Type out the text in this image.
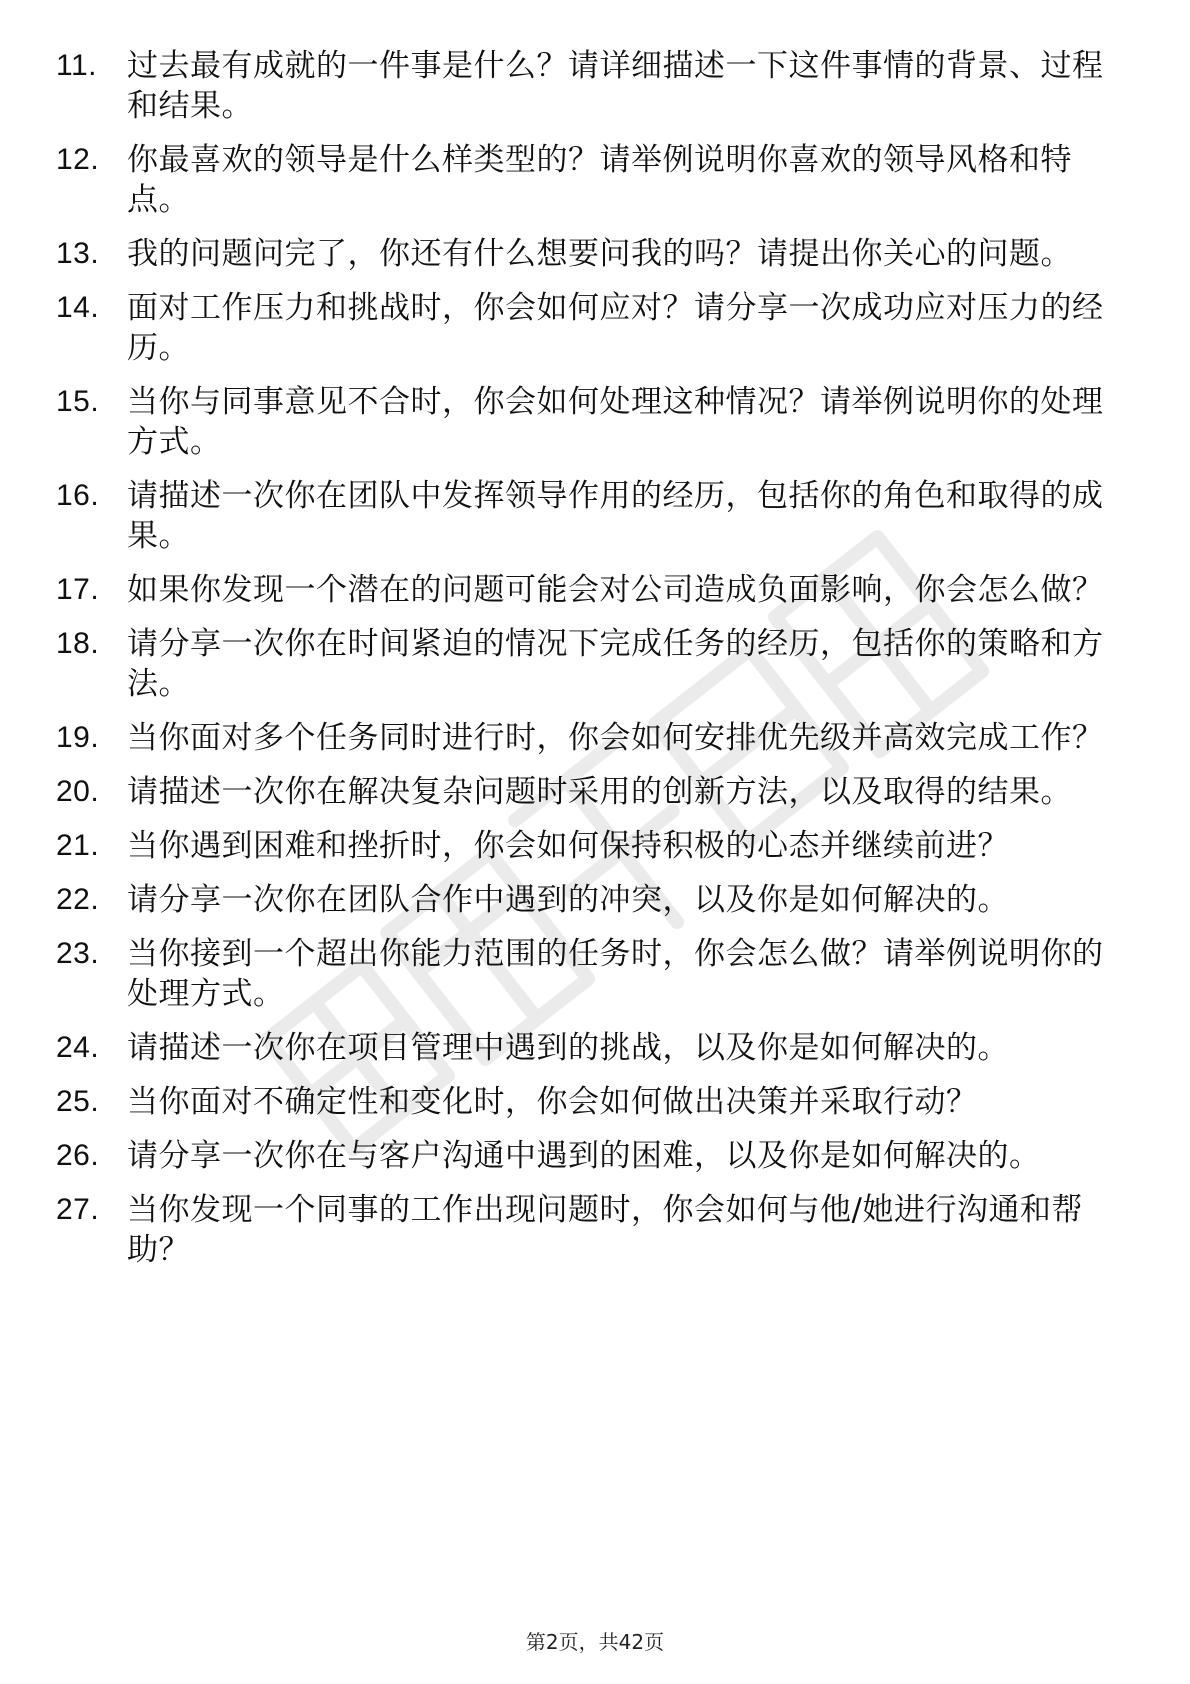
11. 过去最有成就的一件事是什么？请详细描述一下这件事情的背景、过程和结果。
12. 你最喜欢的领导是什么样类型的？请举例说明你喜欢的领导风格和特点。
13. 我的问题问完了，你还有什么想要问我的吗？请提出你关心的问题。
14. 面对工作压力和挑战时，你会如何应对？请分享一次成功应对压力的经历。
15. 当你与同事意见不合时，你会如何处理这种情况？请举例说明你的处理方式。
16. 请描述一次你在团队中发挥领导作用的经历，包括你的角色和取得的成果。
17. 如果你发现一个潜在的问题可能会对公司造成负面影响，你会怎么做？
18. 请分享一次你在时间紧迫的情况下完成任务的经历，包括你的策略和方法。
19. 当你面对多个任务同时进行时，你会如何安排优先级并高效完成工作？
20. 请描述一次你在解决复杂问题时采用的创新方法，以及取得的结果。
21. 当你遇到困难和挫折时，你会如何保持积极的心态并继续前进？
22. 请分享一次你在团队合作中遇到的冲突，以及你是如何解决的。
23. 当你接到一个超出你能力范围的任务时，你会怎么做？请举例说明你的处理方式。
24. 请描述一次你在项目管理中遇到的挑战，以及你是如何解决的。
25. 当你面对不确定性和变化时，你会如何做出决策并采取行动？
26. 请分享一次你在与客户沟通中遇到的困难，以及你是如何解决的。
27. 当你发现一个同事的工作出现问题时，你会如何与他/她进行沟通和帮助？
第2页，共42页
